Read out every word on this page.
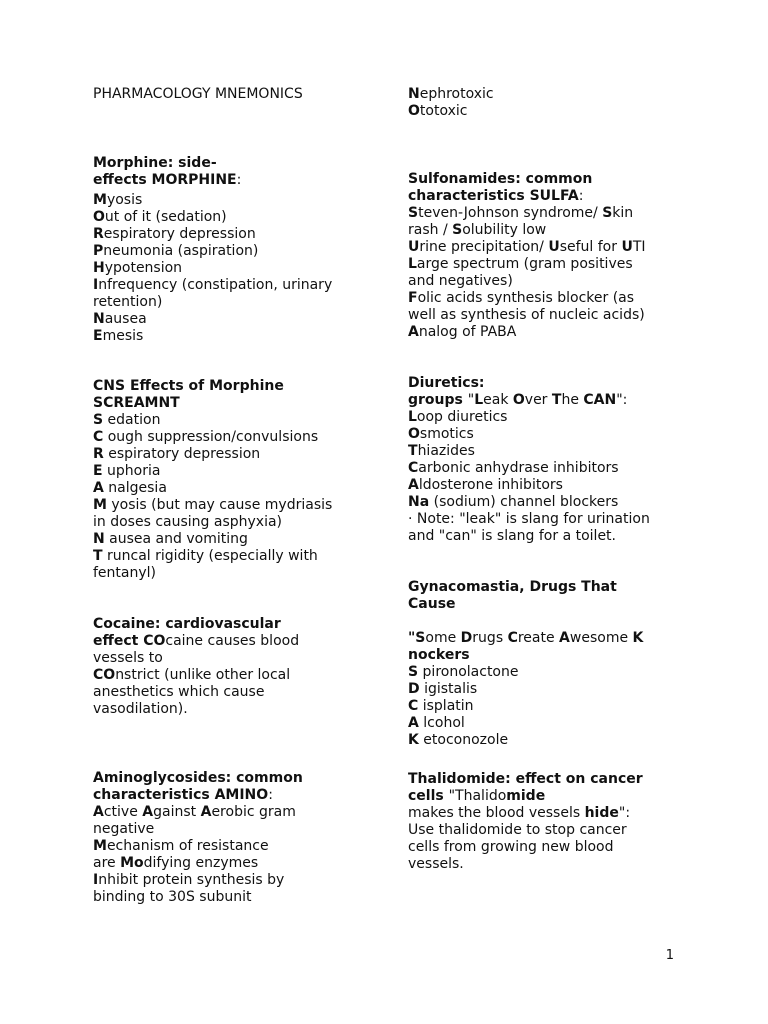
PHARMACOLOGY MNEMONICS
Morphine: side-
effects MORPHINE:
Myosis
Out of it (sedation)
Respiratory depression
Pneumonia (aspiration)
Hypotension
Infrequency (constipation, urinary
retention)
Nausea
Emesis
CNS Effects of Morphine
SCREAMNT
S edation
C ough suppression/convulsions
R espiratory depression
E uphoria
A nalgesia
M yosis (but may cause mydriasis
in doses causing asphyxia)
N ausea and vomiting
T runcal rigidity (especially with
fentanyl)
Cocaine: cardiovascular
effect COcaine causes blood
vessels to
COnstrict (unlike other local
anesthetics which cause
vasodilation).
Aminoglycosides: common
characteristics AMINO:
Active Against Aerobic gram
negative
Mechanism of resistance
are Modifying enzymes
Inhibit protein synthesis by
binding to 30S subunit
Nephrotoxic
Ototoxic
Sulfonamides: common
characteristics SULFA:
Steven-Johnson syndrome/ Skin
rash / Solubility low
Urine precipitation/ Useful for UTI
Large spectrum (gram positives
and negatives)
Folic acids synthesis blocker (as
well as synthesis of nucleic acids)
Analog of PABA
Diuretics:
groups "Leak Over The CAN":
Loop diuretics
Osmotics
Thiazides
Carbonic anhydrase inhibitors
Aldosterone inhibitors
Na (sodium) channel blockers
· Note: "leak" is slang for urination
and "can" is slang for a toilet.
Gynacomastia, Drugs That
Cause

"Some Drugs Create Awesome K
nockers
S pironolactone
D igistalis
C isplatin
A lcohol
K etoconozole
Thalidomide: effect on cancer
cells "Thalidomide
makes the blood vessels hide":
Use thalidomide to stop cancer
cells from growing new blood
vessels.
1
